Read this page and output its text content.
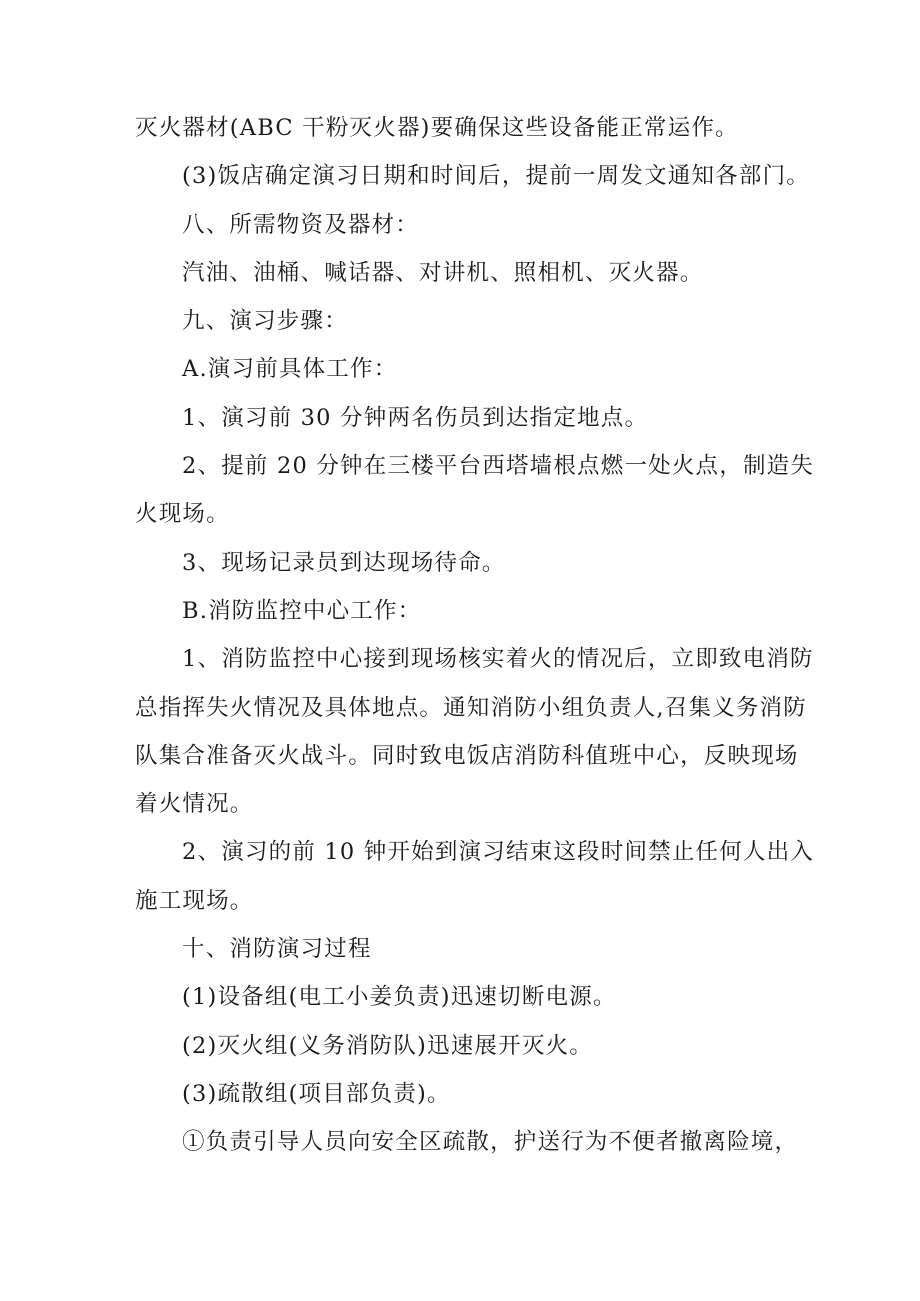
灭火器材(ABC 干粉灭火器)要确保这些设备能正常运作。
(3)饭店确定演习日期和时间后，提前一周发文通知各部门。
八、所需物资及器材：
汽油、油桶、喊话器、对讲机、照相机、灭火器。
九、演习步骤：
A.演习前具体工作：
1、演习前 30 分钟两名伤员到达指定地点。
2、提前 20 分钟在三楼平台西塔墙根点燃一处火点，制造失
火现场。
3、现场记录员到达现场待命。
B.消防监控中心工作：
1、消防监控中心接到现场核实着火的情况后，立即致电消防
总指挥失火情况及具体地点。通知消防小组负责人,召集义务消防
队集合准备灭火战斗。同时致电饭店消防科值班中心，反映现场
着火情况。
2、演习的前 10 钟开始到演习结束这段时间禁止任何人出入
施工现场。
十、消防演习过程
(1)设备组(电工小姜负责)迅速切断电源。
(2)灭火组(义务消防队)迅速展开灭火。
(3)疏散组(项目部负责)。
①负责引导人员向安全区疏散，护送行为不便者撤离险境，
